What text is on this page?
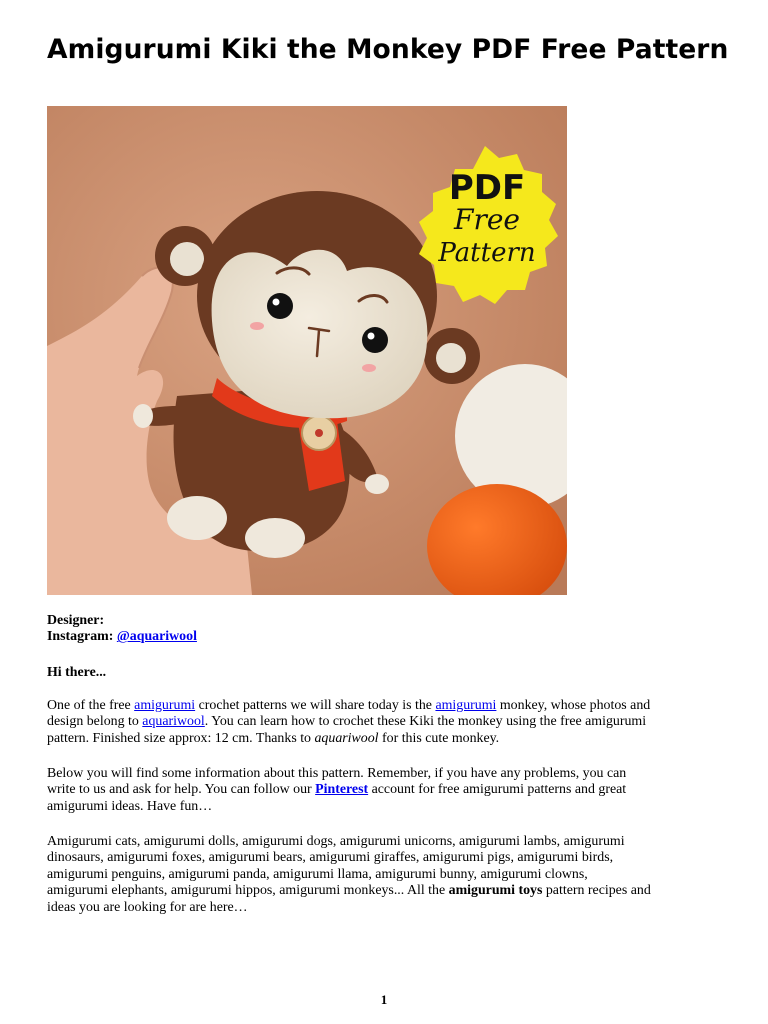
Amigurumi Kiki the Monkey PDF Free Pattern
PDF
Free
Pattern
Designer:
Instagram: @aquariwool
Hi there...
One of the free amigurumi crochet patterns we will share today is the amigurumi monkey, whose photos and
design belong to aquariwool. You can learn how to crochet these Kiki the monkey using the free amigurumi
pattern. Finished size approx: 12 cm. Thanks to aquariwool for this cute monkey.
Below you will find some information about this pattern. Remember, if you have any problems, you can
write to us and ask for help. You can follow our Pinterest account for free amigurumi patterns and great
amigurumi ideas. Have fun…
Amigurumi cats, amigurumi dolls, amigurumi dogs, amigurumi unicorns, amigurumi lambs, amigurumi
dinosaurs, amigurumi foxes, amigurumi bears, amigurumi giraffes, amigurumi pigs, amigurumi birds,
amigurumi penguins, amigurumi panda, amigurumi llama, amigurumi bunny, amigurumi clowns,
amigurumi elephants, amigurumi hippos, amigurumi monkeys... All the amigurumi toys pattern recipes and
ideas you are looking for are here…
1
